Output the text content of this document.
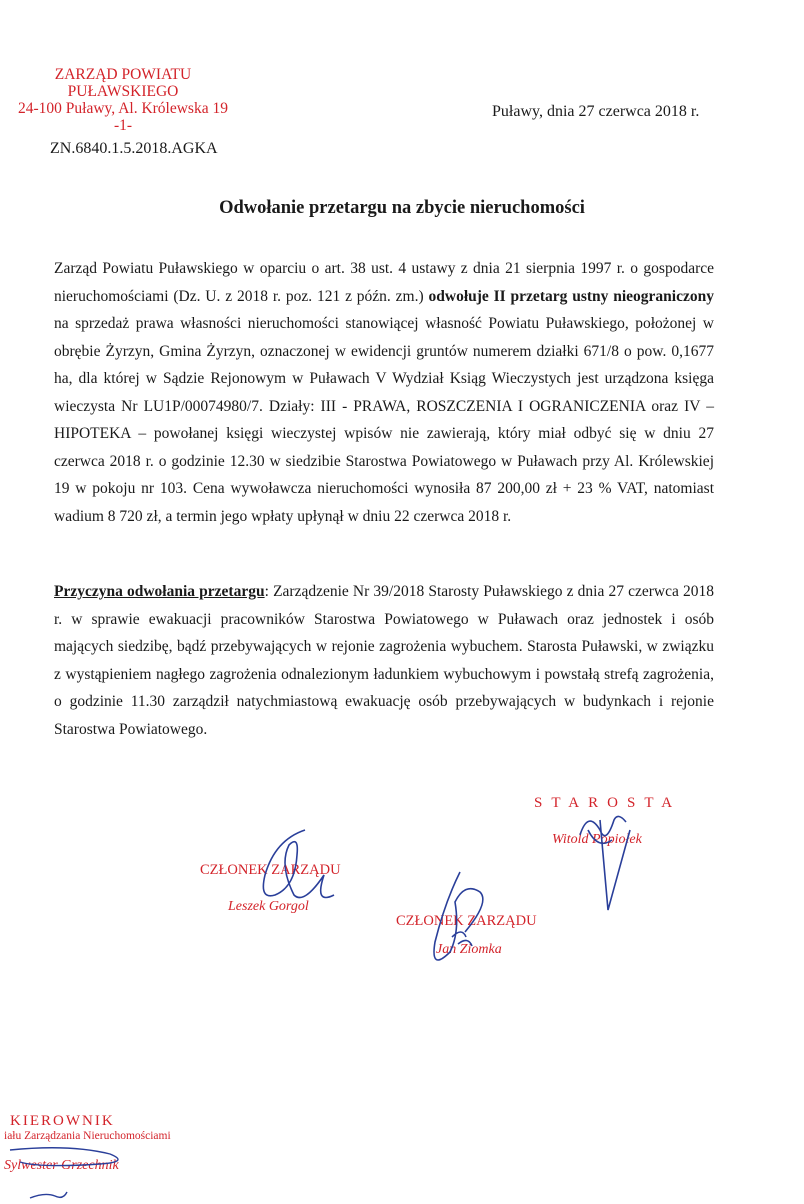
ZARZĄD POWIATU PUŁAWSKIEGO
24-100 Puławy, Al. Królewska 19
-1-
Puławy, dnia 27 czerwca 2018 r.
ZN.6840.1.5.2018.AGKA
Odwołanie przetargu na zbycie nieruchomości
Zarząd Powiatu Puławskiego w oparciu o art. 38 ust. 4 ustawy z dnia 21 sierpnia 1997 r. o gospodarce nieruchomościami (Dz. U. z 2018 r. poz. 121 z późn. zm.) odwołuje II przetarg ustny nieograniczony na sprzedaż prawa własności nieruchomości stanowiącej własność Powiatu Puławskiego, położonej w obrębie Żyrzyn, Gmina Żyrzyn, oznaczonej w ewidencji gruntów numerem działki 671/8 o pow. 0,1677 ha, dla której w Sądzie Rejonowym w Puławach V Wydział Ksiąg Wieczystych jest urządzona księga wieczysta Nr LU1P/00074980/7. Działy: III - PRAWA, ROSZCZENIA I OGRANICZENIA oraz IV – HIPOTEKA – powołanej księgi wieczystej wpisów nie zawierają, który miał odbyć się w dniu 27 czerwca 2018 r. o godzinie 12.30 w siedzibie Starostwa Powiatowego w Puławach przy Al. Królewskiej 19 w pokoju nr 103. Cena wywoławcza nieruchomości wynosiła 87 200,00 zł + 23 % VAT, natomiast wadium 8 720 zł, a termin jego wpłaty upłynął w dniu 22 czerwca 2018 r.
Przyczyna odwołania przetargu: Zarządzenie Nr 39/2018 Starosty Puławskiego z dnia 27 czerwca 2018 r. w sprawie ewakuacji pracowników Starostwa Powiatowego w Puławach oraz jednostek i osób mających siedzibę, bądź przebywających w rejonie zagrożenia wybuchem. Starosta Puławski, w związku z wystąpieniem nagłego zagrożenia odnalezionym ładunkiem wybuchowym i powstałą strefą zagrożenia, o godzinie 11.30 zarządził natychmiastową ewakuację osób przebywających w budynkach i rejonie Starostwa Powiatowego.
STAROSTA
Witold Popiołek
CZŁONEK ZARZĄDU
Leszek Gorgol
CZŁONEK ZARZĄDU
Jan Ziomka
KIEROWNIK
iału Zarządzania Nieruchomościami
Sylwester Grzechnik
